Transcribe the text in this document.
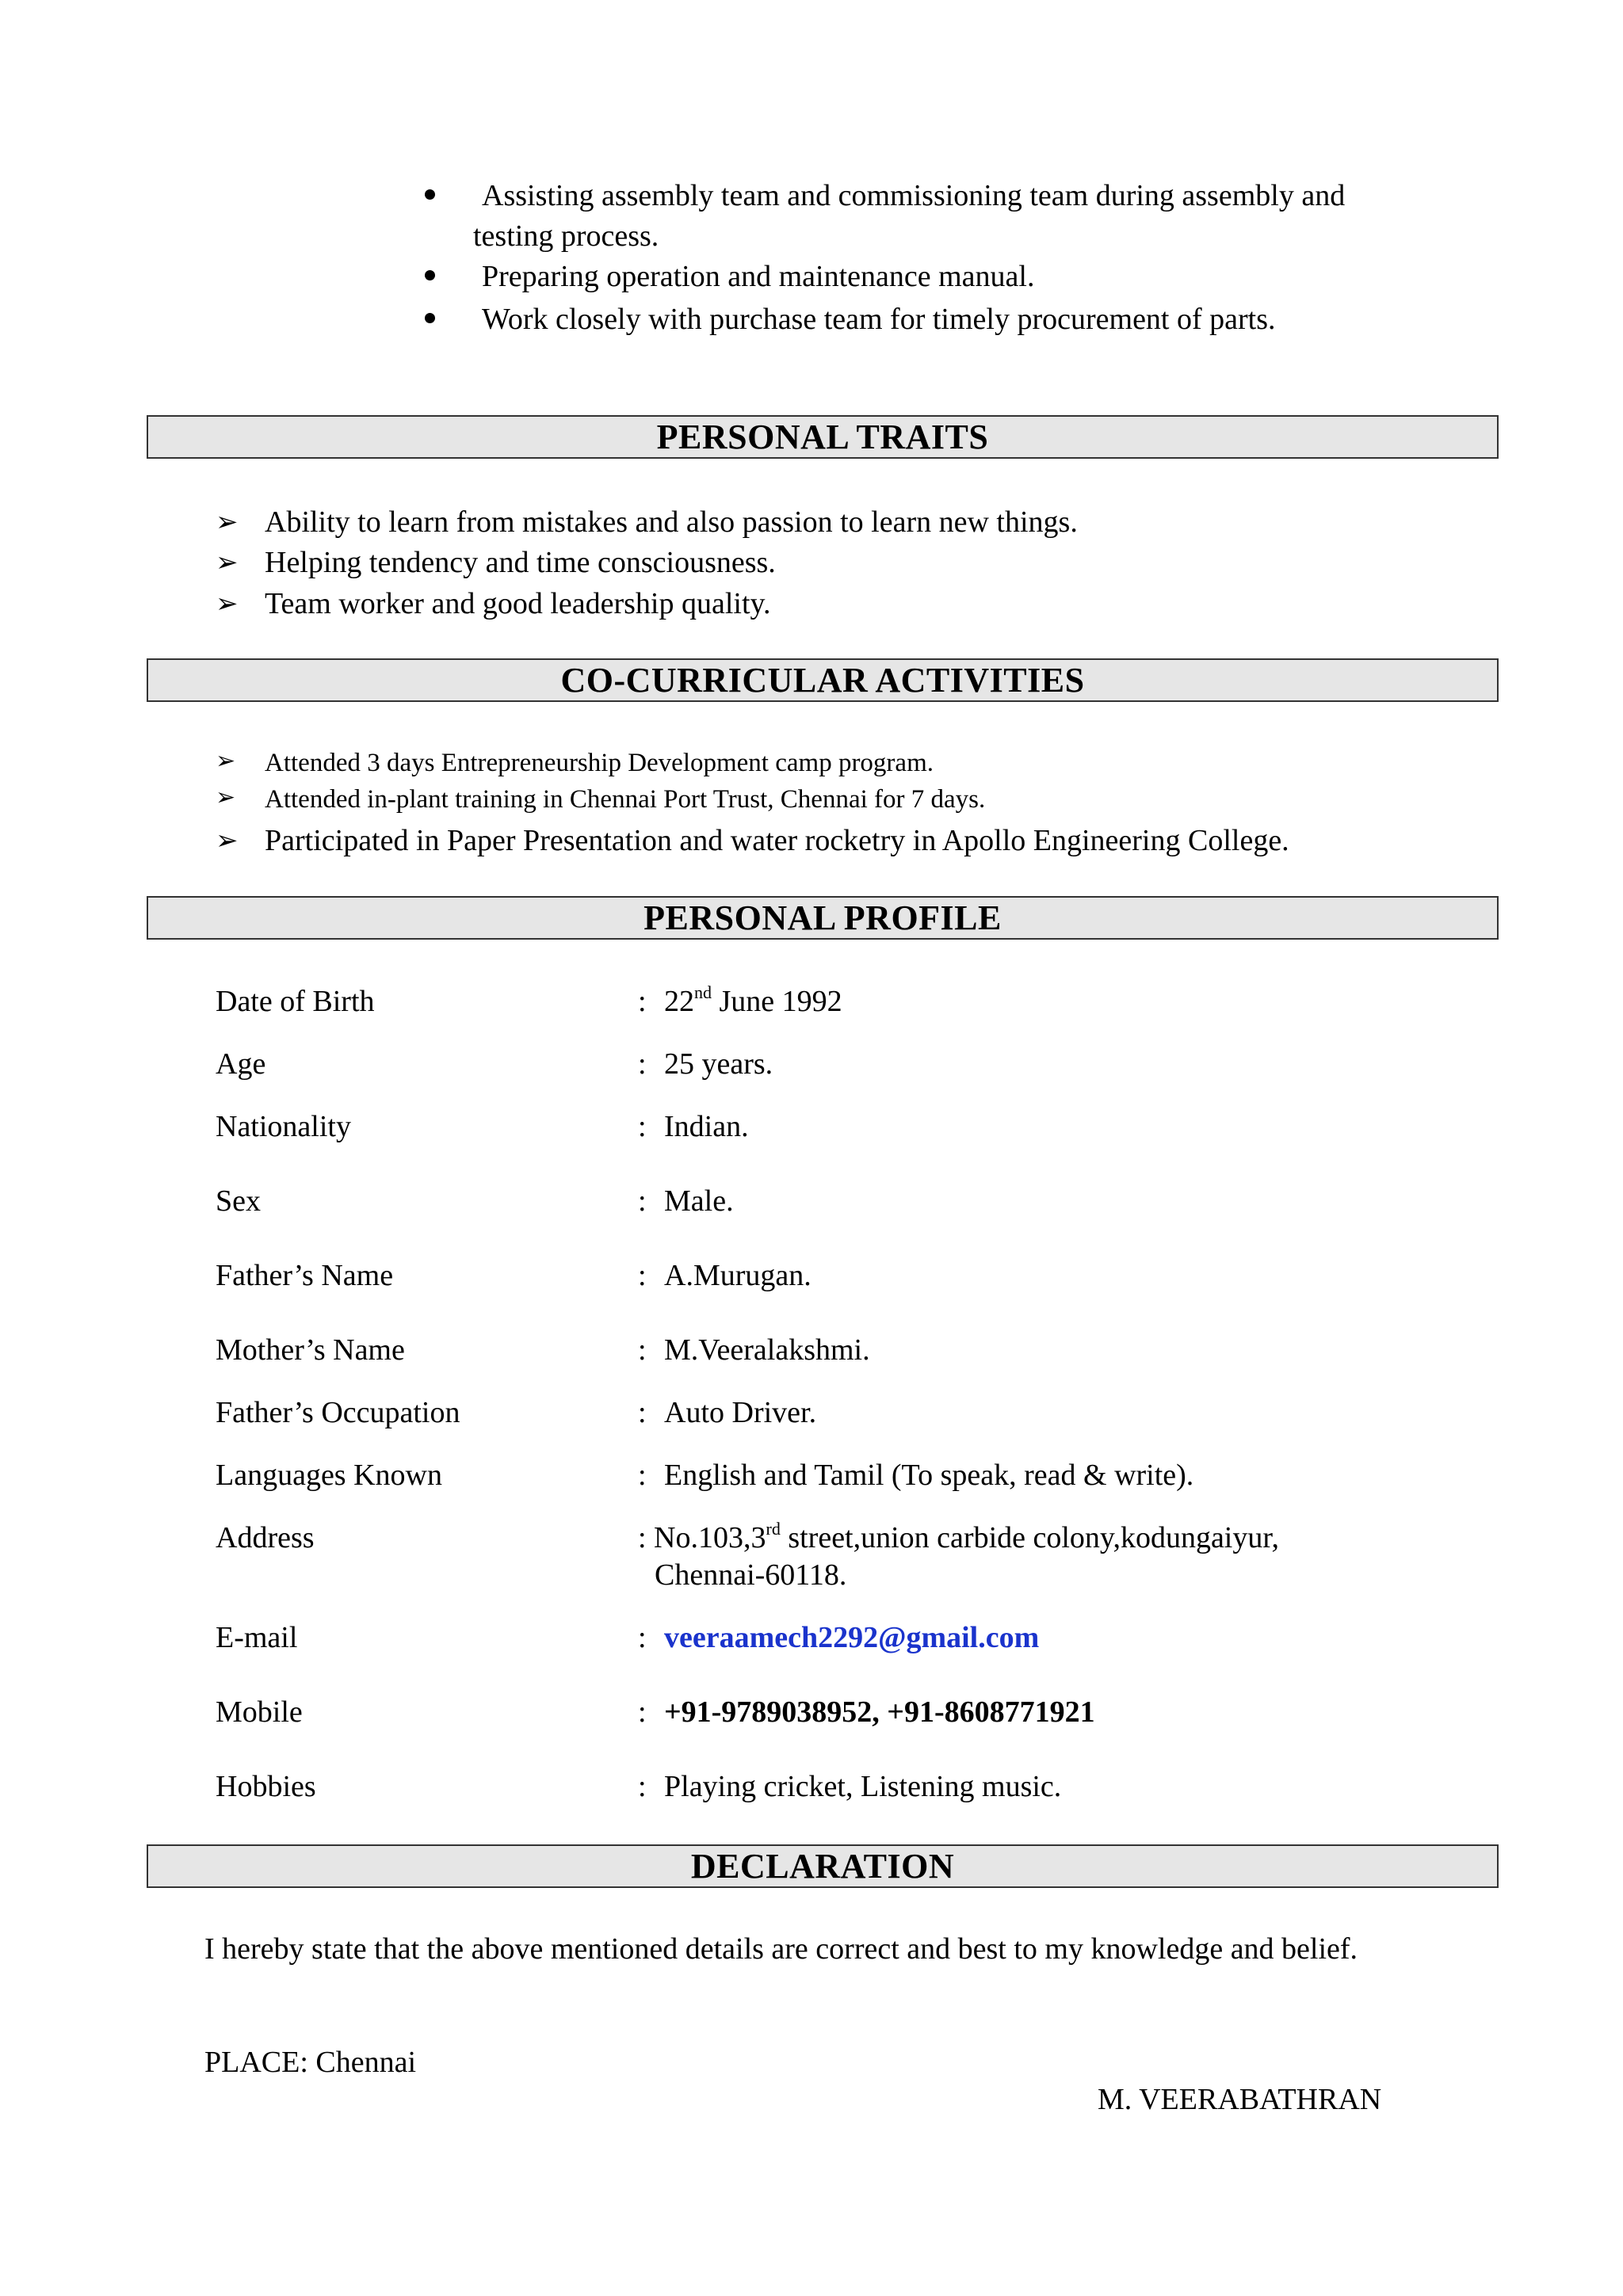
Assisting assembly team and commissioning team during assembly and
testing process.
Preparing operation and maintenance manual.
Work closely with purchase team for timely procurement of parts.
PERSONAL TRAITS
➢ Ability to learn from mistakes and also passion to learn new things.
➢ Helping tendency and time consciousness.
➢ Team worker and good leadership quality.
CO-CURRICULAR ACTIVITIES
➢ Attended 3 days Entrepreneurship Development camp program.
➢ Attended in-plant training in Chennai Port Trust, Chennai for 7 days.
➢ Participated in Paper Presentation and water rocketry in Apollo Engineering College.
PERSONAL PROFILE
Date of Birth	: 22nd June 1992
Age	: 25 years.
Nationality	: Indian.
Sex	: Male.
Father’s Name	: A.Murugan.
Mother’s Name	: M.Veeralakshmi.
Father’s Occupation	: Auto Driver.
Languages Known	: English and Tamil (To speak, read & write).
Address	: No.103,3rd street,union carbide colony,kodungaiyur,
Chennai-60118.
E-mail	: veeraamech2292@gmail.com
Mobile	: +91-9789038952, +91-8608771921
Hobbies	: Playing cricket, Listening music.
DECLARATION
I hereby state that the above mentioned details are correct and best to my knowledge and belief.
PLACE: Chennai
M. VEERABATHRAN
